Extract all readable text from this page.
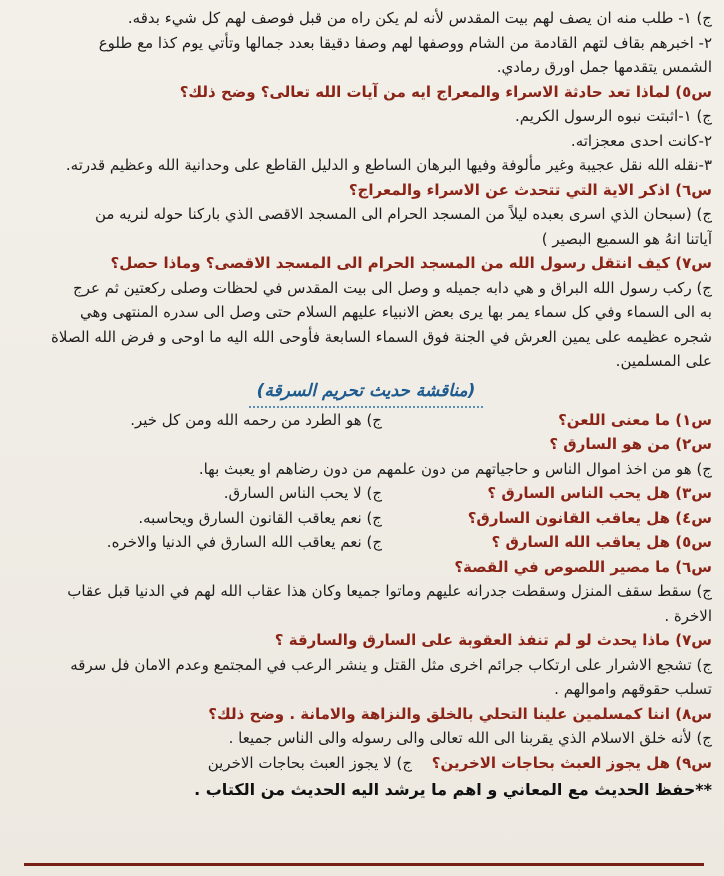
ج) ١- طلب منه ان يصف لهم بيت المقدس لأنه لم يكن راه من قبل فوصف لهم كل شيء بدقه.

٢- اخبرهم بقاف لتهم القادمة من الشام ووصفها لهم وصفا دقيقا بعدد جمالها وتأتي يوم كذا مع طلوع

الشمس يتقدمها جمل اورق رمادي.

س٥) لماذا تعد حادثة الاسراء والمعراج ايه من آيات الله تعالى؟ وضح ذلك؟

ج) ١-اثبتت نبوه الرسول الكريم.

٢-كانت احدى معجزاته.

٣-نقله الله نقل عجيبة وغير مألوفة وفيها البرهان الساطع و الدليل القاطع على وحدانية الله وعظيم قدرته.

س٦) اذكر الاية التي تتحدث عن الاسراء والمعراج؟

ج) (سبحان الذي اسرى بعبده ليلاً من المسجد الحرام الى المسجد الاقصى الذي باركنا حوله لنريه من

آياتنا انهُ هو السميع البصير )

س٧) كيف انتقل رسول الله من المسجد الحرام الى المسجد الاقصى؟ وماذا حصل؟

ج) ركب رسول الله البراق و هي دابه جميله و وصل الى بيت المقدس في لحظات وصلى ركعتين ثم عرج

به الى السماء وفي كل سماء يمر بها يرى بعض الانبياء عليهم السلام حتى وصل الى سدره المنتهى وهي

شجره عظيمه على يمين العرش في الجنة فوق السماء السابعة فأوحى الله اليه ما اوحى و فرض الله الصلاة

على المسلمين.

(مناقشة حديث تحريم السرقة)
س١) ما معنى اللعن؟
ج) هو الطرد من رحمه الله ومن كل خير.

س٢) من هو السارق ؟

ج) هو من اخذ اموال الناس و حاجياتهم من دون علمهم من دون رضاهم او يعبث بها.

س٣) هل يحب الناس السارق ؟
ج) لا يحب الناس السارق.
س٤) هل يعاقب القانون السارق؟
ج) نعم يعاقب القانون السارق ويحاسبه.
س٥) هل يعاقب الله السارق ؟
ج) نعم يعاقب الله السارق في الدنيا والاخره.

س٦) ما مصير اللصوص في القصة؟

ج) سقط سقف المنزل وسقطت جدرانه عليهم وماتوا جميعا وكان هذا عقاب الله لهم في الدنيا قبل عقاب

الاخرة .

س٧) ماذا يحدث لو لم تنفذ العقوبة على السارق والسارقة ؟

ج) تشجع الاشرار على ارتكاب جرائم اخرى مثل القتل و ينشر الرعب في المجتمع وعدم الامان فل سرقه

تسلب حقوقهم واموالهم .

س٨) اننا كمسلمين علينا التحلي بالخلق والنزاهة والامانة . وضح ذلك؟

ج) لأنه خلق الاسلام الذي يقربنا الى الله تعالى والى رسوله والى الناس جميعا .

س٩) هل يجوز العبث بحاجات الاخرين؟
ج) لا يجوز العبث بحاجات الاخرين

**حفظ الحديث مع المعاني و اهم ما يرشد اليه الحديث من الكتاب .
